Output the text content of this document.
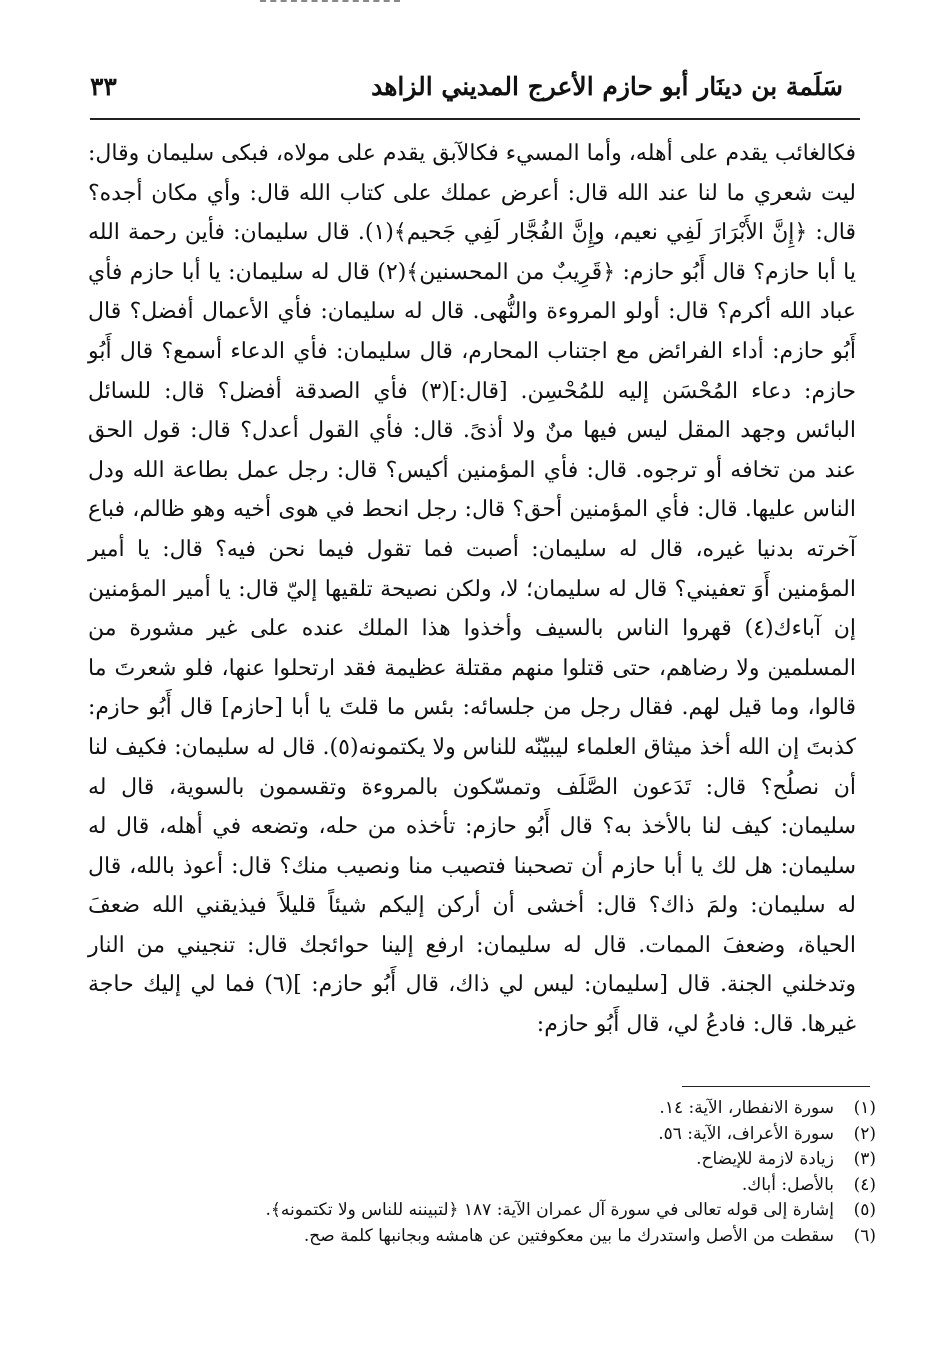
سَلَمة بن دينَار أبو حازم الأعرج المديني الزاهد
٣٣

فكالغائب يقدم على أهله، وأما المسيء فكالآبق يقدم على مولاه، فبكى سليمان وقال: ليت شعري ما لنا عند الله قال: أعرض عملك على كتاب الله قال: وأي مكان أجده؟ قال: ﴿إِنَّ الأَبْرَارَ لَفِي نعيم، وإِنَّ الفُجَّار لَفِي جَحيم﴾(١). قال سليمان: فأين رحمة الله يا أبا حازم؟ قال أَبُو حازم: ﴿قَرِيبٌ من المحسنين﴾(٢) قال له سليمان: يا أبا حازم فأي عباد الله أكرم؟ قال: أولو المروءة والنُّهى. قال له سليمان: فأي الأعمال أفضل؟ قال أَبُو حازم: أداء الفرائض مع اجتناب المحارم، قال سليمان: فأي الدعاء أسمع؟ قال أَبُو حازم: دعاء المُحْسَن إليه للمُحْسِن. [قال:](٣) فأي الصدقة أفضل؟ قال: للسائل البائس وجهد المقل ليس فيها منٌ ولا أذىً. قال: فأي القول أعدل؟ قال: قول الحق عند من تخافه أو ترجوه. قال: فأي المؤمنين أكيس؟ قال: رجل عمل بطاعة الله ودل الناس عليها. قال: فأي المؤمنين أحق؟ قال: رجل انحط في هوى أخيه وهو ظالم، فباع آخرته بدنيا غيره، قال له سليمان: أصبت فما تقول فيما نحن فيه؟ قال: يا أمير المؤمنين أَوَ تعفيني؟ قال له سليمان؛ لا، ولكن نصيحة تلقيها إليّ قال: يا أمير المؤمنين إن آباءك(٤) قهروا الناس بالسيف وأخذوا هذا الملك عنده على غير مشورة من المسلمين ولا رضاهم، حتى قتلوا منهم مقتلة عظيمة فقد ارتحلوا عنها، فلو شعرتَ ما قالوا، وما قيل لهم. فقال رجل من جلسائه: بئس ما قلتَ يا أبا [حازم] قال أَبُو حازم: كذبتَ إن الله أخذ ميثاق العلماء ليبيّنّه للناس ولا يكتمونه(٥). قال له سليمان: فكيف لنا أن نصلُح؟ قال: تَدَعون الصَّلَف وتمسّكون بالمروءة وتقسمون بالسوية، قال له سليمان: كيف لنا بالأخذ به؟ قال أَبُو حازم: تأخذه من حله، وتضعه في أهله، قال له سليمان: هل لك يا أبا حازم أن تصحبنا فتصيب منا ونصيب منك؟ قال: أعوذ بالله، قال له سليمان: ولمَ ذاك؟ قال: أخشى أن أركن إليكم شيئاً قليلاً فيذيقني الله ضعفَ الحياة، وضعفَ الممات. قال له سليمان: ارفع إلينا حوائجك قال: تنجيني من النار وتدخلني الجنة. قال [سليمان: ليس لي ذاك، قال أَبُو حازم: ](٦) فما لي إليك حاجة غيرها. قال: فادعُ لي، قال أَبُو حازم:

(١)
سورة الانفطار، الآية: ١٤.
(٢)
سورة الأعراف، الآية: ٥٦.
(٣)
زيادة لازمة للإيضاح.
(٤)
بالأصل: أباك.
(٥)
إشارة إلى قوله تعالى في سورة آل عمران الآية: ١٨٧ ﴿لتبيننه للناس ولا تكتمونه﴾.
(٦)
سقطت من الأصل واستدرك ما بين معكوفتين عن هامشه وبجانبها كلمة صح.
